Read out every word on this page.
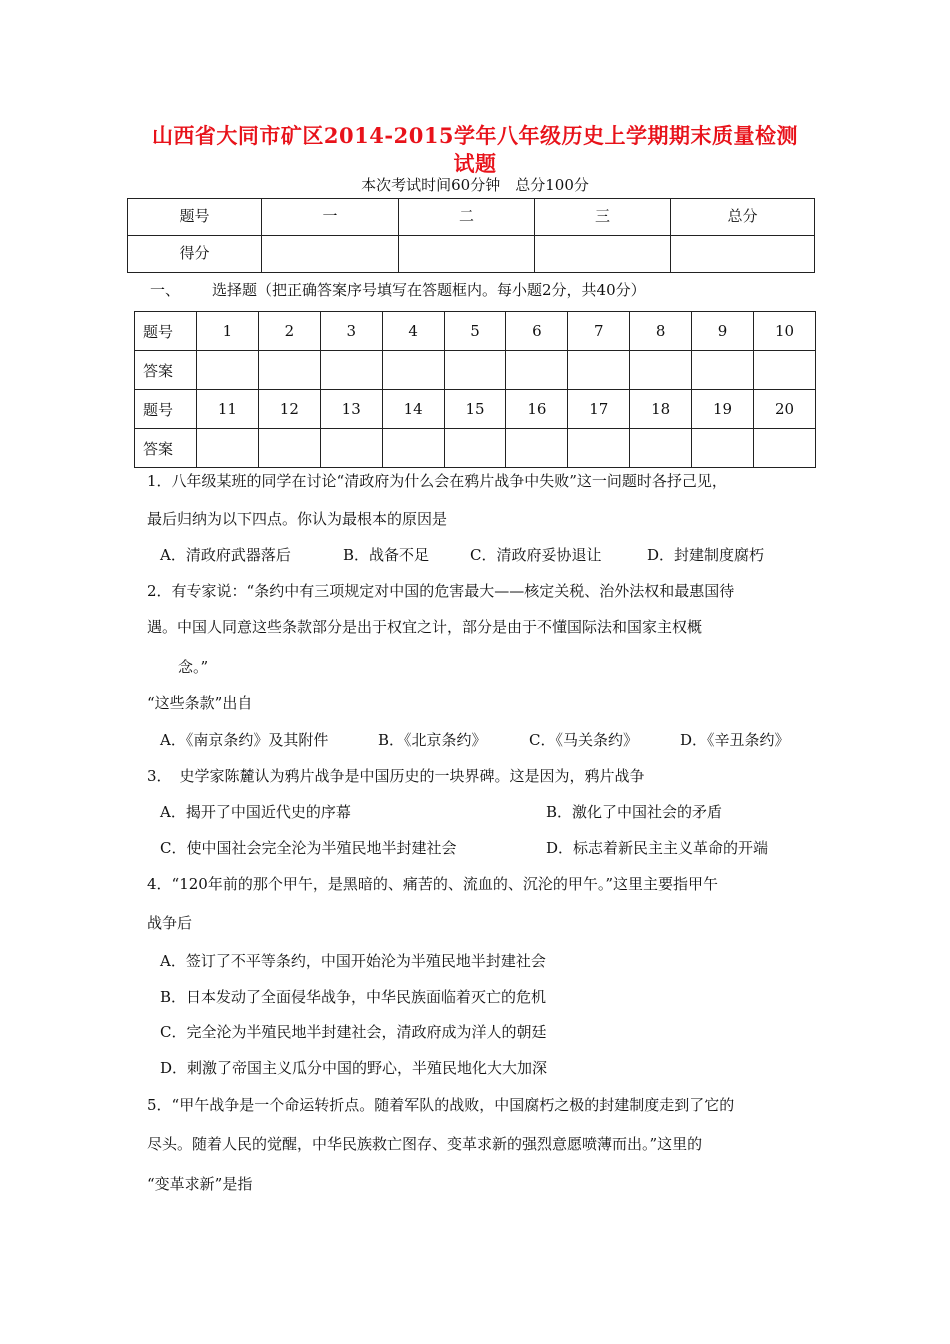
山西省大同市矿区2014-2015学年八年级历史上学期期末质量检测
试题
本次考试时间60分钟　总分100分
题号	一	二	三	总分
得分				
一、 选择题（把正确答案序号填写在答题框内。每小题2分，共40分）
题号	1	2	3	4	5	6	7	8	9	10
答案										
题号	11	12	13	14	15	16	17	18	19	20
答案										
1．八年级某班的同学在讨论“清政府为什么会在鸦片战争中失败”这一问题时各抒己见，
最后归纳为以下四点。你认为最根本的原因是
A．清政府武器落后	B．战备不足	C．清政府妥协退让	D．封建制度腐朽
2．有专家说：“条约中有三项规定对中国的危害最大——核定关税、治外法权和最惠国待
遇。中国人同意这些条款部分是出于权宜之计，部分是由于不懂国际法和国家主权概
念。”
“这些条款”出自
A．《南京条约》及其附件	B．《北京条约》	C．《马关条约》	D．《辛丑条约》
3． 史学家陈麓认为鸦片战争是中国历史的一块界碑。这是因为，鸦片战争
A．揭开了中国近代史的序幕	B．激化了中国社会的矛盾
C．使中国社会完全沦为半殖民地半封建社会	D．标志着新民主主义革命的开端
4．“120年前的那个甲午，是黑暗的、痛苦的、流血的、沉沦的甲午。”这里主要指甲午
战争后
A．签订了不平等条约，中国开始沦为半殖民地半封建社会
B．日本发动了全面侵华战争，中华民族面临着灭亡的危机
C．完全沦为半殖民地半封建社会，清政府成为洋人的朝廷
D．刺激了帝国主义瓜分中国的野心，半殖民地化大大加深
5．“甲午战争是一个命运转折点。随着军队的战败，中国腐朽之极的封建制度走到了它的
尽头。随着人民的觉醒，中华民族救亡图存、变革求新的强烈意愿喷薄而出。”这里的
“变革求新”是指
